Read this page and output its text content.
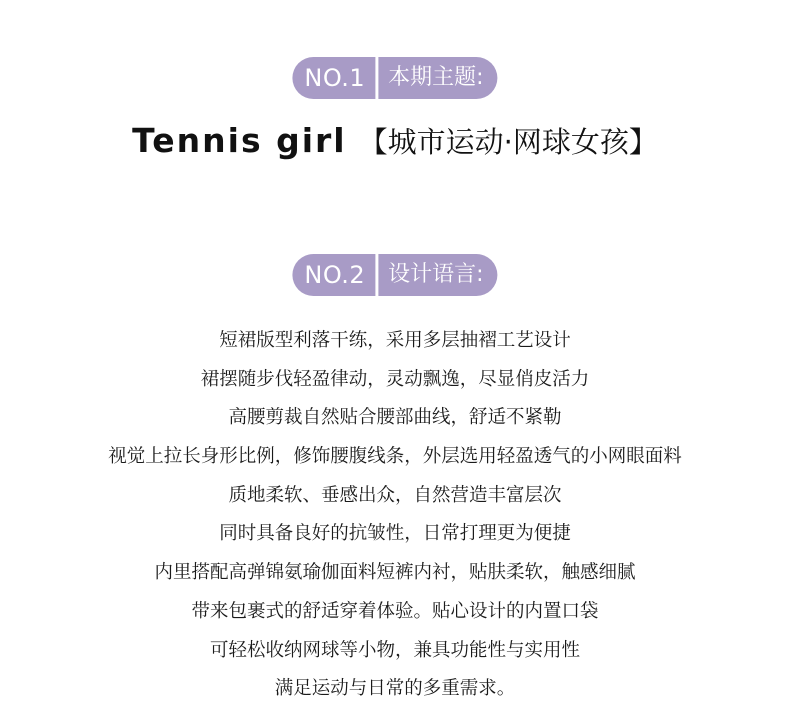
NO.1	本期主题:
Tennis girl 【城市运动·网球女孩】
NO.2	设计语言:
短裙版型利落干练，采用多层抽褶工艺设计
裙摆随步伐轻盈律动，灵动飘逸，尽显俏皮活力
高腰剪裁自然贴合腰部曲线，舒适不紧勒
视觉上拉长身形比例，修饰腰腹线条，外层选用轻盈透气的小网眼面料
质地柔软、垂感出众，自然营造丰富层次
同时具备良好的抗皱性，日常打理更为便捷
内里搭配高弹锦氨瑜伽面料短裤内衬，贴肤柔软，触感细腻
带来包裹式的舒适穿着体验。贴心设计的内置口袋
可轻松收纳网球等小物，兼具功能性与实用性
满足运动与日常的多重需求。
